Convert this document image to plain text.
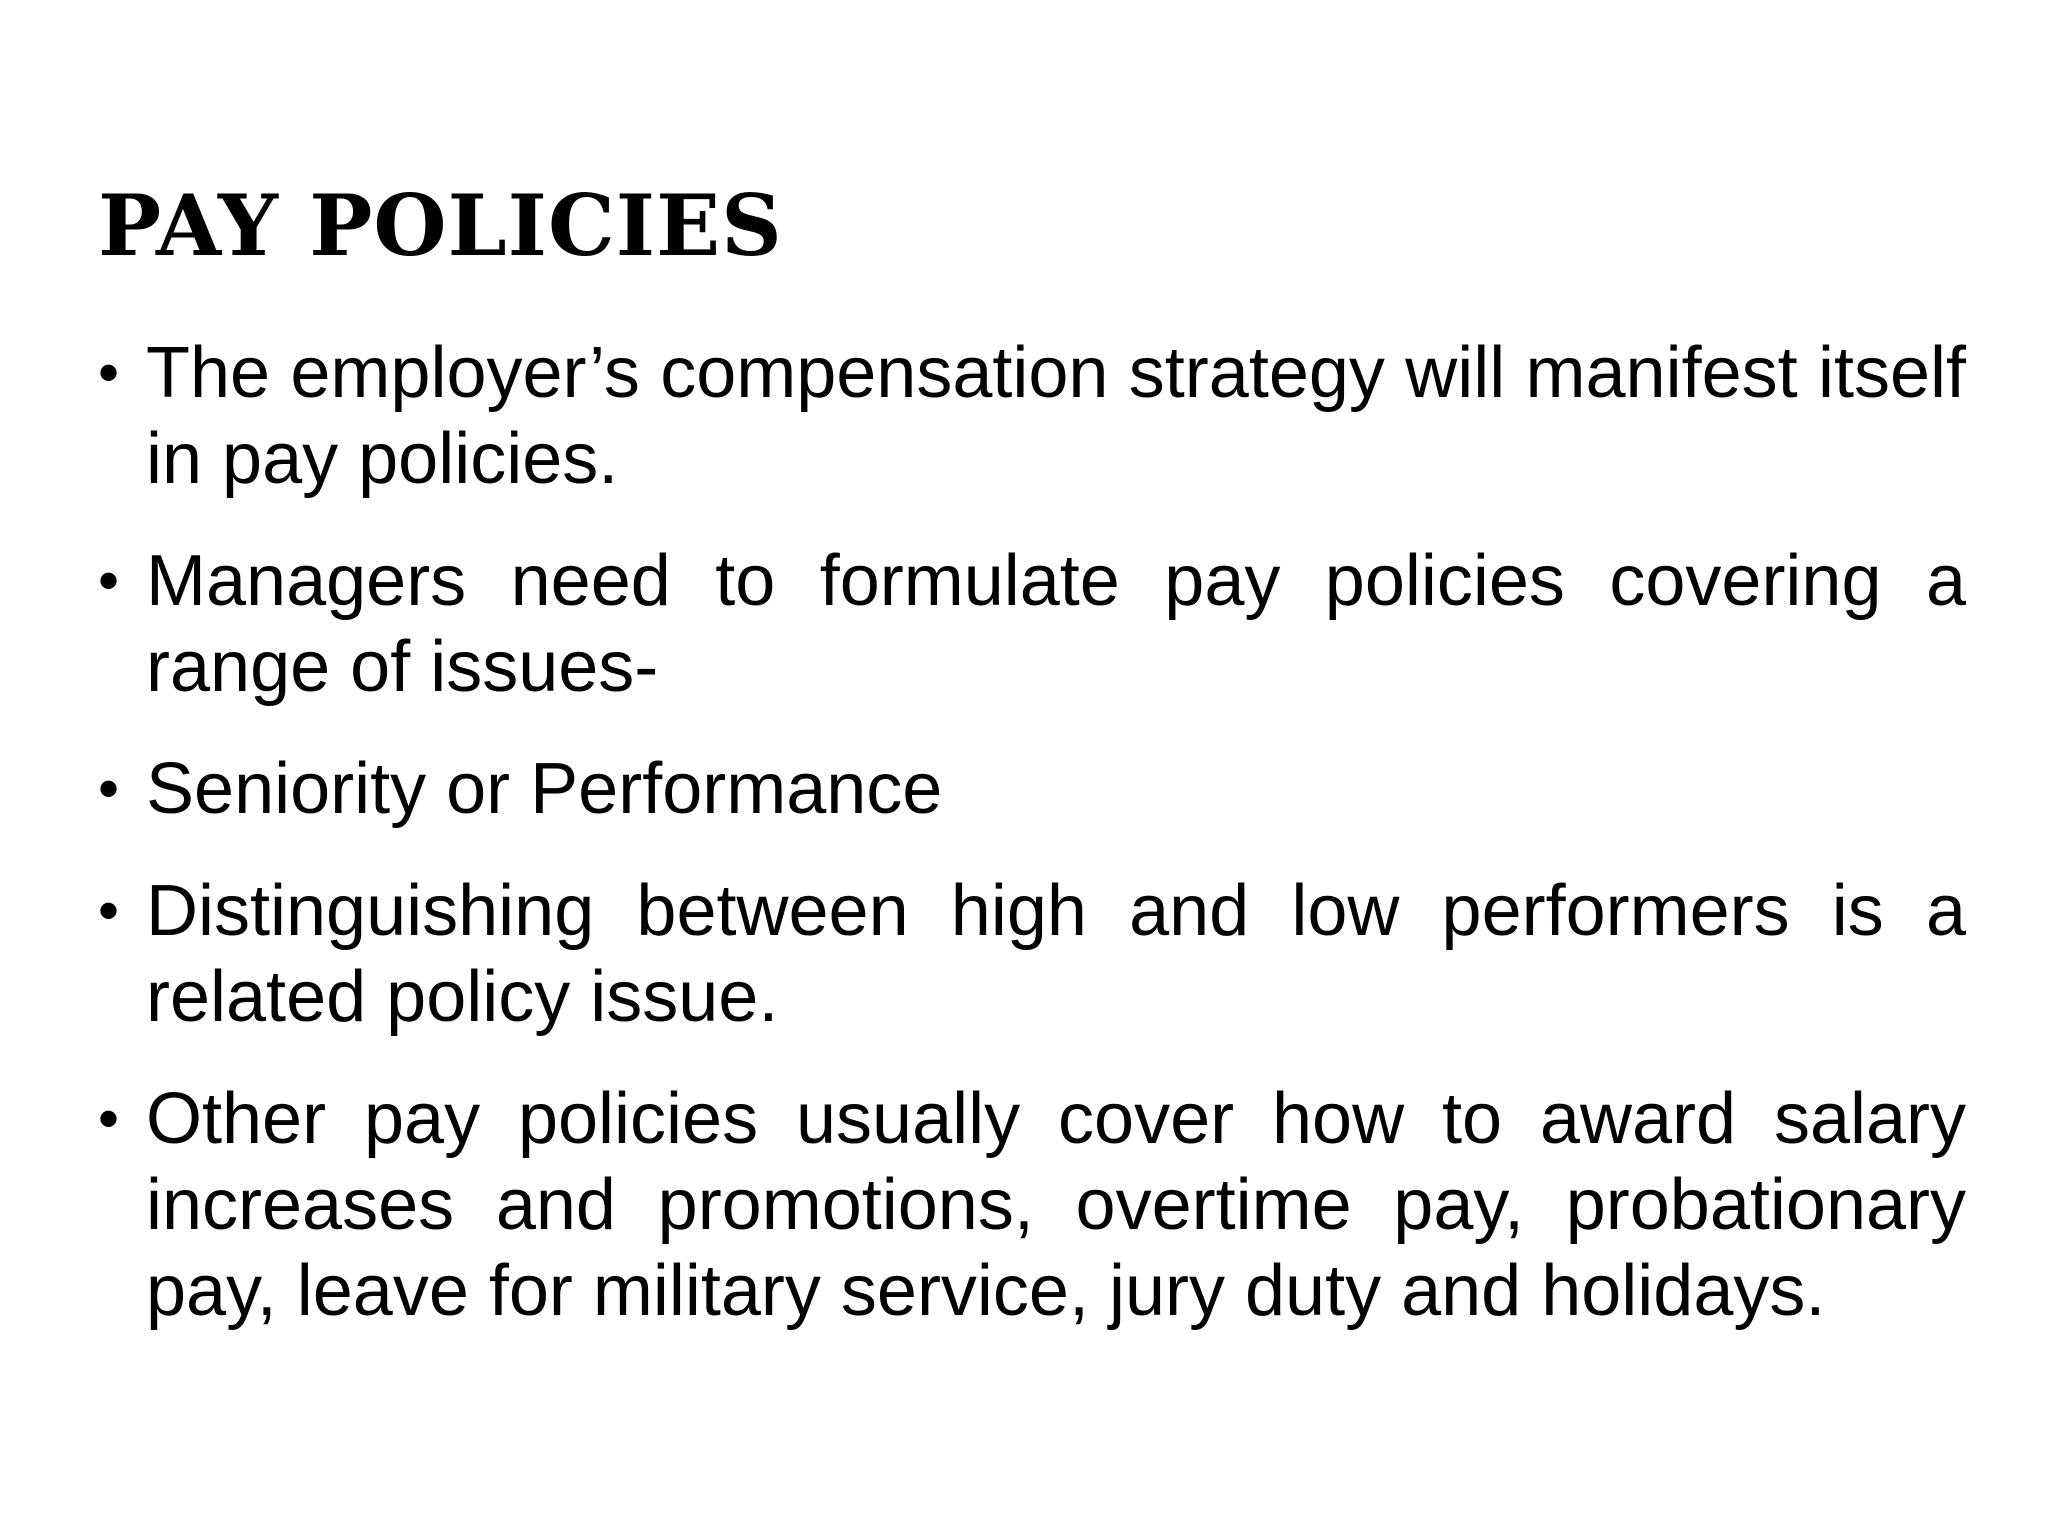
PAY POLICIES
• The employer’s compensation strategy will manifest itself in pay policies.
• Managers need to formulate pay policies covering a range of issues-
• Seniority or Performance
• Distinguishing between high and low performers is a related policy issue.
• Other pay policies usually cover how to award salary increases and promotions, overtime pay, probationary pay, leave for military service, jury duty and holidays.
